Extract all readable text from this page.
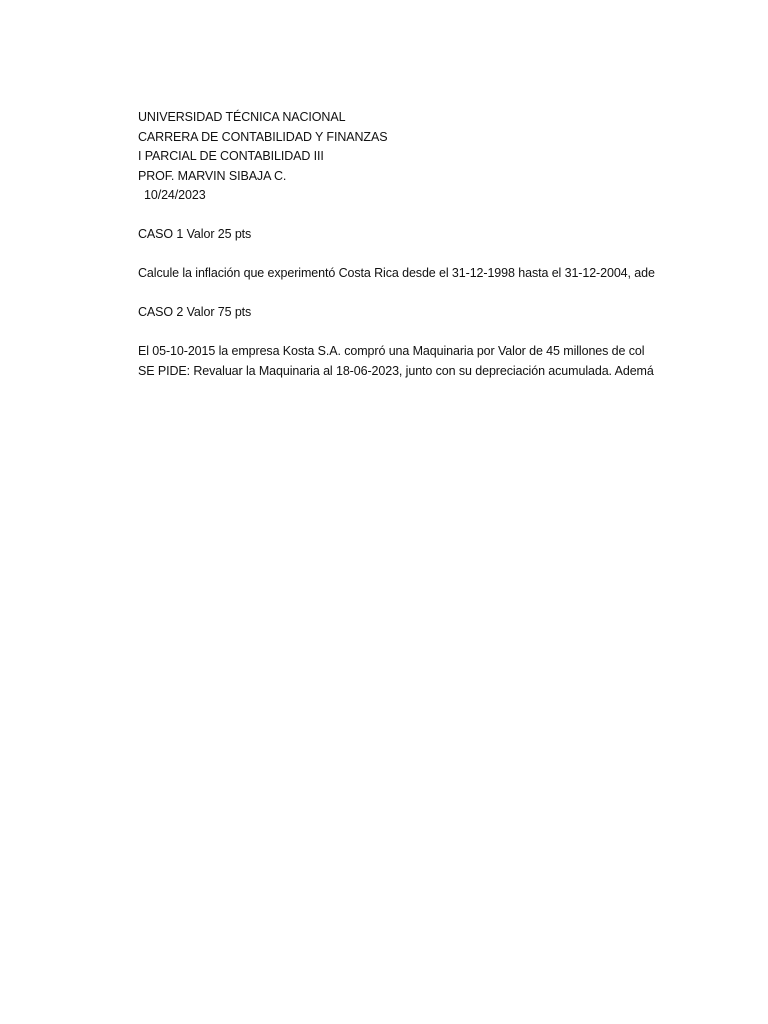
UNIVERSIDAD TÉCNICA NACIONAL
CARRERA DE CONTABILIDAD Y FINANZAS
I PARCIAL DE CONTABILIDAD III
PROF. MARVIN SIBAJA C.
10/24/2023
CASO 1 Valor 25 pts
Calcule la inflación que experimentó Costa Rica desde el 31-12-1998 hasta el 31-12-2004, ade
CASO 2 Valor 75 pts
El 05-10-2015 la empresa Kosta S.A. compró una Maquinaria por Valor de 45 millones de col
SE PIDE: Revaluar la Maquinaria al 18-06-2023, junto con su depreciación acumulada. Ademá
